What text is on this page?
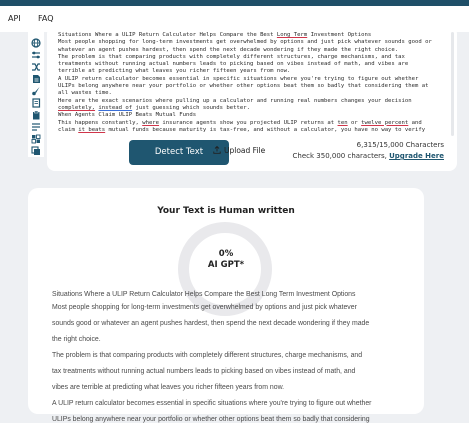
API FAQ
Situations Where a ULIP Return Calculator Helps Compare the Best Long Term Investment Options
Most people shopping for long-term investments get overwhelmed by options and just pick whatever sounds good or
whatever an agent pushes hardest, then spend the next decade wondering if they made the right choice.
The problem is that comparing products with completely different structures, charge mechanisms, and tax
treatments without running actual numbers leads to picking based on vibes instead of math, and vibes are
terrible at predicting what leaves you richer fifteen years from now.
A ULIP return calculator becomes essential in specific situations where you're trying to figure out whether
ULIPs belong anywhere near your portfolio or whether other options beat them so badly that considering them at
all wastes time.
Here are the exact scenarios where pulling up a calculator and running real numbers changes your decision
completely, instead of just guessing which sounds better.
When Agents Claim ULIP Beats Mutual Funds
This happens constantly, where insurance agents show you projected ULIP returns at ten or twelve percent and
claim it beats mutual funds because maturity is tax-free, and without a calculator, you have no way to verify
Detect Text	Upload File
6,315/15,000 Characters
Check 350,000 characters, Upgrade Here
Your Text is Human written
0%
AI GPT*
Situations Where a ULIP Return Calculator Helps Compare the Best Long Term Investment Options
Most people shopping for long-term investments get overwhelmed by options and just pick whatever
sounds good or whatever an agent pushes hardest, then spend the next decade wondering if they made
the right choice.
The problem is that comparing products with completely different structures, charge mechanisms, and
tax treatments without running actual numbers leads to picking based on vibes instead of math, and
vibes are terrible at predicting what leaves you richer fifteen years from now.
A ULIP return calculator becomes essential in specific situations where you're trying to figure out whether
ULIPs belong anywhere near your portfolio or whether other options beat them so badly that considering
